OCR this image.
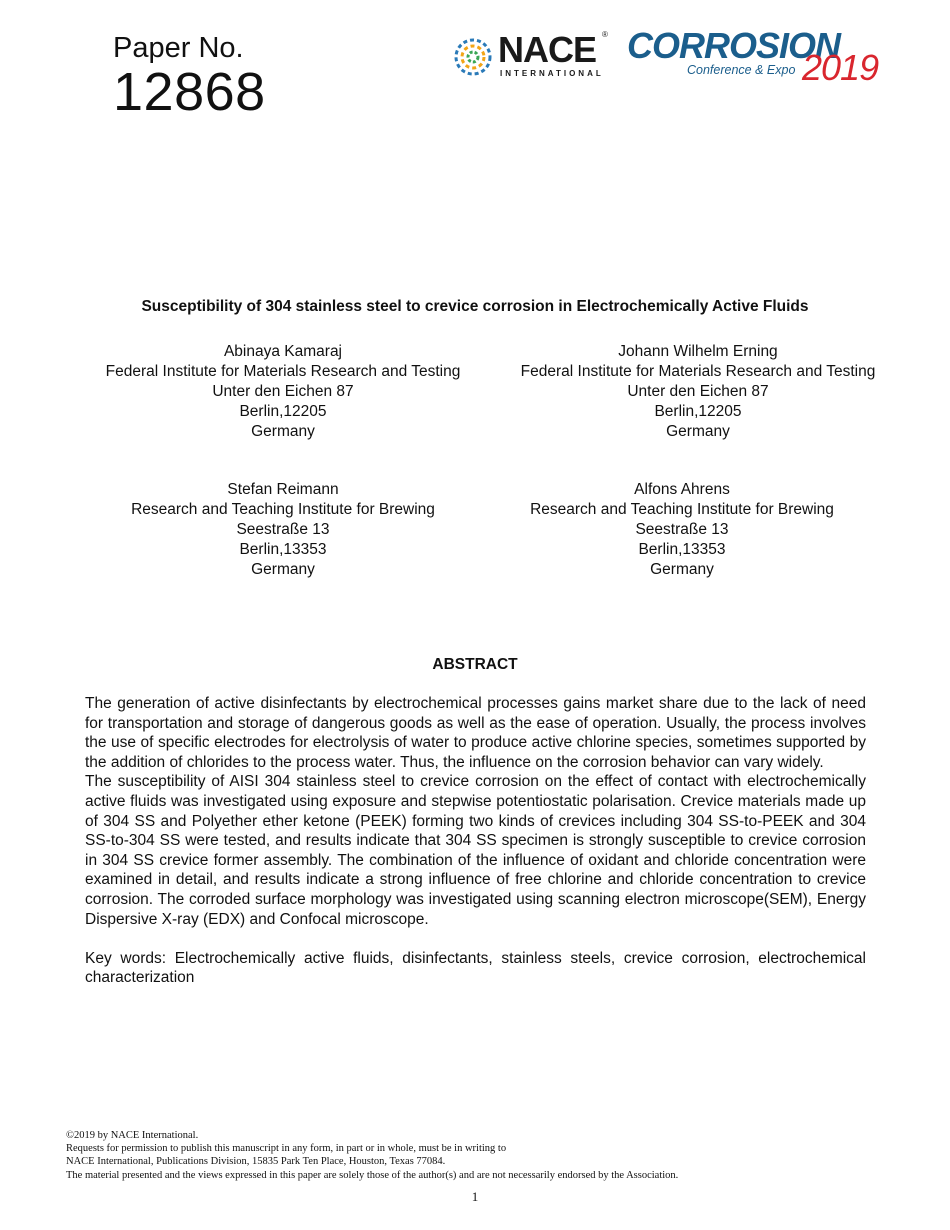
Paper No.
12868
NACE ®
INTERNATIONAL
CORROSION
Conference & Expo 2019
Susceptibility of 304 stainless steel to crevice corrosion in Electrochemically Active Fluids
Abinaya Kamaraj
Federal Institute for Materials Research and Testing
Unter den Eichen 87
Berlin,12205
Germany
Johann Wilhelm Erning
Federal Institute for Materials Research and Testing
Unter den Eichen 87
Berlin,12205
Germany
Stefan Reimann
Research and Teaching Institute for Brewing
Seestraße 13
Berlin,13353
Germany
Alfons Ahrens
Research and Teaching Institute for Brewing
Seestraße 13
Berlin,13353
Germany
ABSTRACT

The generation of active disinfectants by electrochemical processes gains market share due to the lack of need for transportation and storage of dangerous goods as well as the ease of operation. Usually, the process involves the use of specific electrodes for electrolysis of water to produce active chlorine species, sometimes supported by the addition of chlorides to the process water. Thus, the influence on the corrosion behavior can vary widely.

The susceptibility of AISI 304 stainless steel to crevice corrosion on the effect of contact with electrochemically active fluids was investigated using exposure and stepwise potentiostatic polarisation. Crevice materials made up of 304 SS and Polyether ether ketone (PEEK) forming two kinds of crevices including 304 SS-to-PEEK and 304 SS-to-304 SS were tested, and results indicate that 304 SS specimen is strongly susceptible to crevice corrosion in 304 SS crevice former assembly. The combination of the influence of oxidant and chloride concentration were examined in detail, and results indicate a strong influence of free chlorine and chloride concentration to crevice corrosion. The corroded surface morphology was investigated using scanning electron microscope(SEM), Energy Dispersive X-ray (EDX) and Confocal microscope.

Key words: Electrochemically active fluids, disinfectants, stainless steels, crevice corrosion, electrochemical characterization

©2019 by NACE International.
Requests for permission to publish this manuscript in any form, in part or in whole, must be in writing to
NACE International, Publications Division, 15835 Park Ten Place, Houston, Texas 77084.
The material presented and the views expressed in this paper are solely those of the author(s) and are not necessarily endorsed by the Association.
1
